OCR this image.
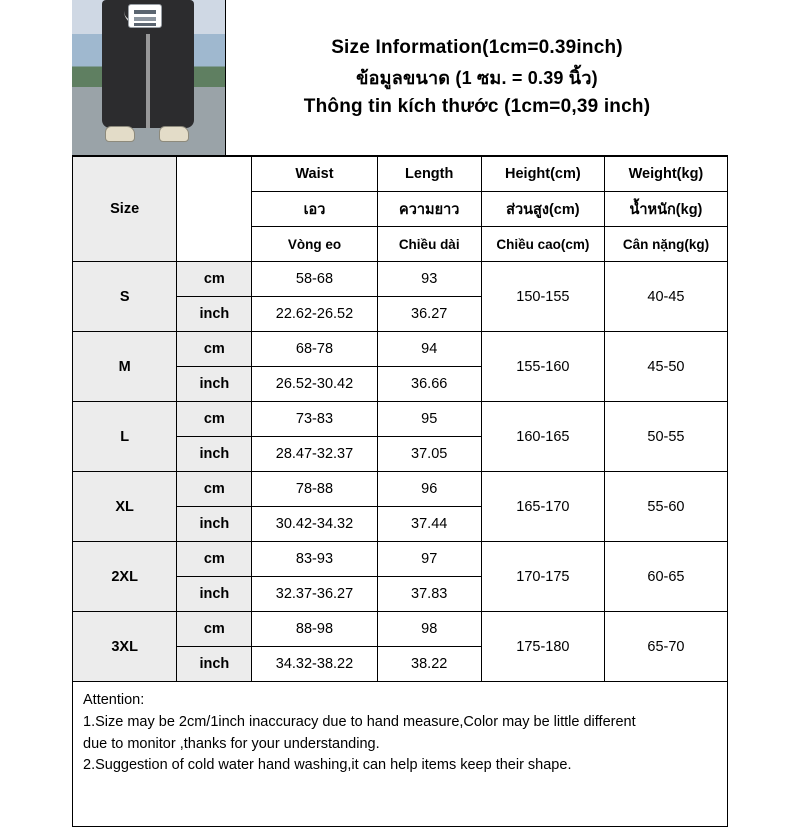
Size Information(1cm=0.39inch)
ข้อมูลขนาด (1 ซม. = 0.39 นิ้ว)
Thông tin kích thước (1cm=0,39 inch)
Size		Waist	Length	Height(cm)	Weight(kg)
		เอว	ความยาว	ส่วนสูง(cm)	น้ำหนัก(kg)
		Vòng eo	Chiều dài	Chiều cao(cm)	Cân nặng(kg)
S	cm	58-68	93	150-155	40-45
	inch	22.62-26.52	36.27		
M	cm	68-78	94	155-160	45-50
	inch	26.52-30.42	36.66		
L	cm	73-83	95	160-165	50-55
	inch	28.47-32.37	37.05		
XL	cm	78-88	96	165-170	55-60
	inch	30.42-34.32	37.44		
2XL	cm	83-93	97	170-175	60-65
	inch	32.37-36.27	37.83		
3XL	cm	88-98	98	175-180	65-70
	inch	34.32-38.22	38.22		
Attention:
1.Size may be 2cm/1inch inaccuracy due to hand measure,Color may be little different
due to monitor ,thanks for your understanding.
2.Suggestion of cold water hand washing,it can help items keep their shape.
